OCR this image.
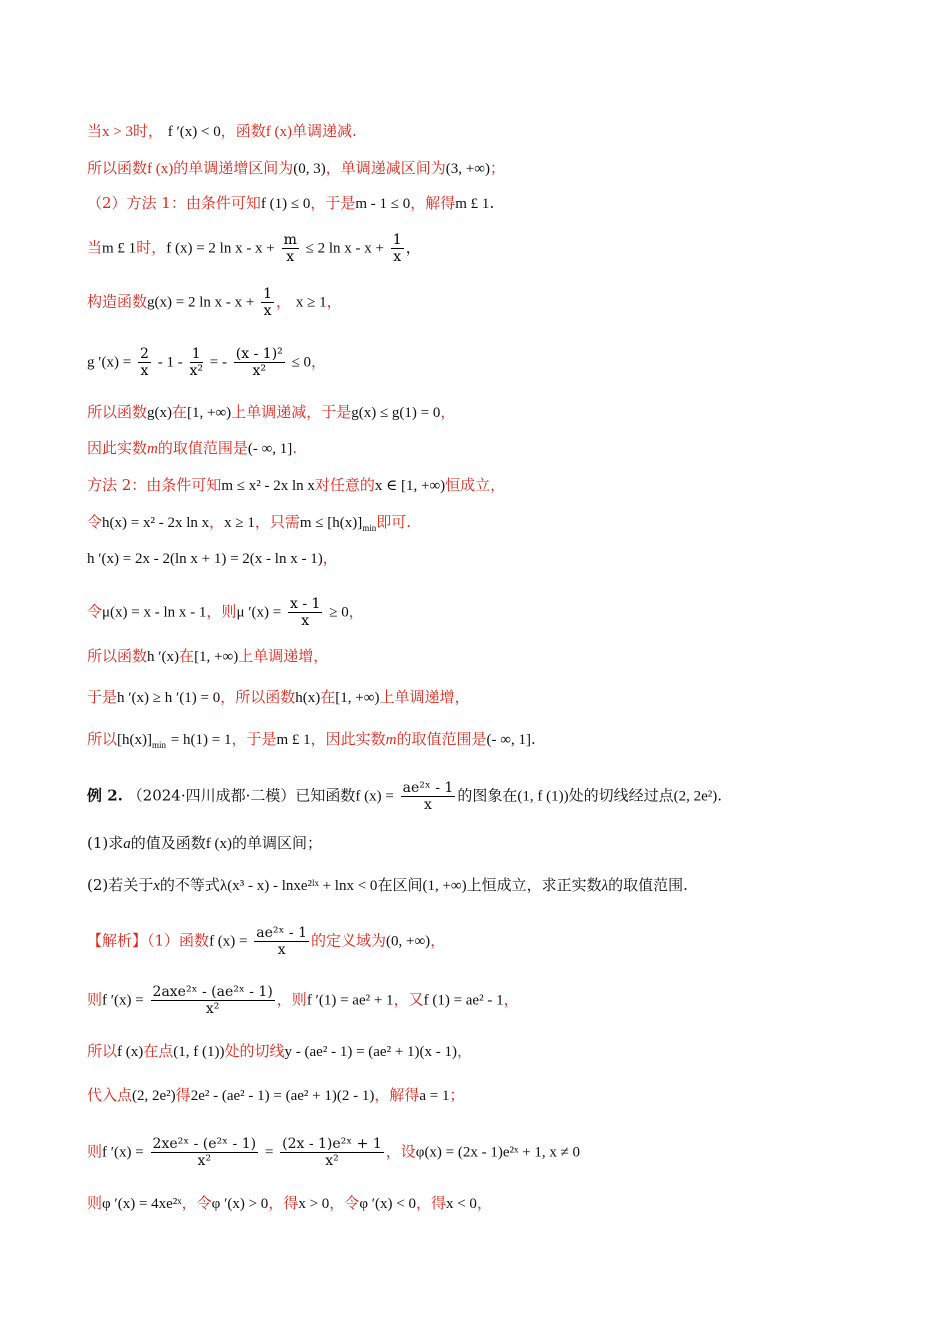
当x > 3时， f ′(x) < 0，函数f (x)单调递减.
所以函数f (x)的单调递增区间为(0, 3)，单调递减区间为(3, +∞)；
（2）方法 1：由条件可知f (1) ≤ 0，于是m - 1 ≤ 0，解得m £ 1.
当m £ 1时，f (x) = 2 $\ln x - x + \frac{m}{x} \le 2$ $\ln x - x + \frac{1}{x}$ ，
构造函数g(x) = 2 $\ln x - x + \frac{1}{x}$ ， x ≥ 1，
g $'(x) = \frac{2}{x} - 1 - \frac{1}{\text{x²}}$ = - $\frac{\text{(x - 1)²}}{\text{x²}} \le 0$，
所以函数g(x)在[1, +∞)上单调递减，于是g(x) ≤ g(1) = 0，
因此实数m的取值范围是(- ∞, 1].
方法 2：由条件可知m ≤ x² - 2x ln x对任意的x ∈ [1, +∞)恒成立，
令h(x) = x² - 2x ln x，x ≥ 1，只需$m \le [h(x)]_{min}$即可.
h ′(x) = 2x - 2(ln x + 1) = 2(x - ln x - 1)，
令μ(x) = x - ln x - 1，则μ $'(x) = \frac{x - 1}{x} \ge 0$，
所以函数h ′(x)在[1, +∞)上单调递增，
于是h ′(x) ≥ h ′(1) = 0，所以函数h(x)在[1, +∞)上单调递增，
所以$[h(x)]_{min} = h(1) = 1$，于是m £ 1，因此实数m的取值范围是(- ∞, 1].
例 2. （2024·四川成都·二模）已知函数f $(x) = \frac{\text{ae²ˣ - 1}}{x}$ 的图象在(1, f (1))处的切线经过点(2, 2e²).
(1)求a的值及函数f (x)的单调区间；
(2)若关于x的不等式λ(x³ - x) - lnxe²ˡˣ + lnx < 0在区间(1, +∞)上恒成立，求正实数λ的取值范围.
【解析】（1）函数f $(x) = \frac{\text{ae²ˣ - 1}}{x}$ 的定义域为(0, +∞)，
则f $'(x) = \frac{\text{2axe²ˣ - (ae²ˣ - 1)}}{\text{x²}}$ ，则f ′(1) = ae² + 1，又f (1) = ae² - 1，
所以f (x)在点(1, f (1))处的切线y - (ae² - 1) = (ae² + 1)(x - 1)，
代入点(2, 2e²)得2e² - (ae² - 1) = (ae² + 1)(2 - 1)，解得a = 1；
则f $'(x) = \frac{\text{2xe²ˣ - (e²ˣ - 1)}}{\text{x²}} = \frac{\text{(2x - 1)e²ˣ + 1}}{\text{x²}}$ ，设φ(x) = (2x - 1)e²ˣ + 1, x ≠ 0
则φ ′(x) = 4xe²ˣ，令φ ′(x) > 0，得x > 0，令φ ′(x) < 0，得x < 0，
